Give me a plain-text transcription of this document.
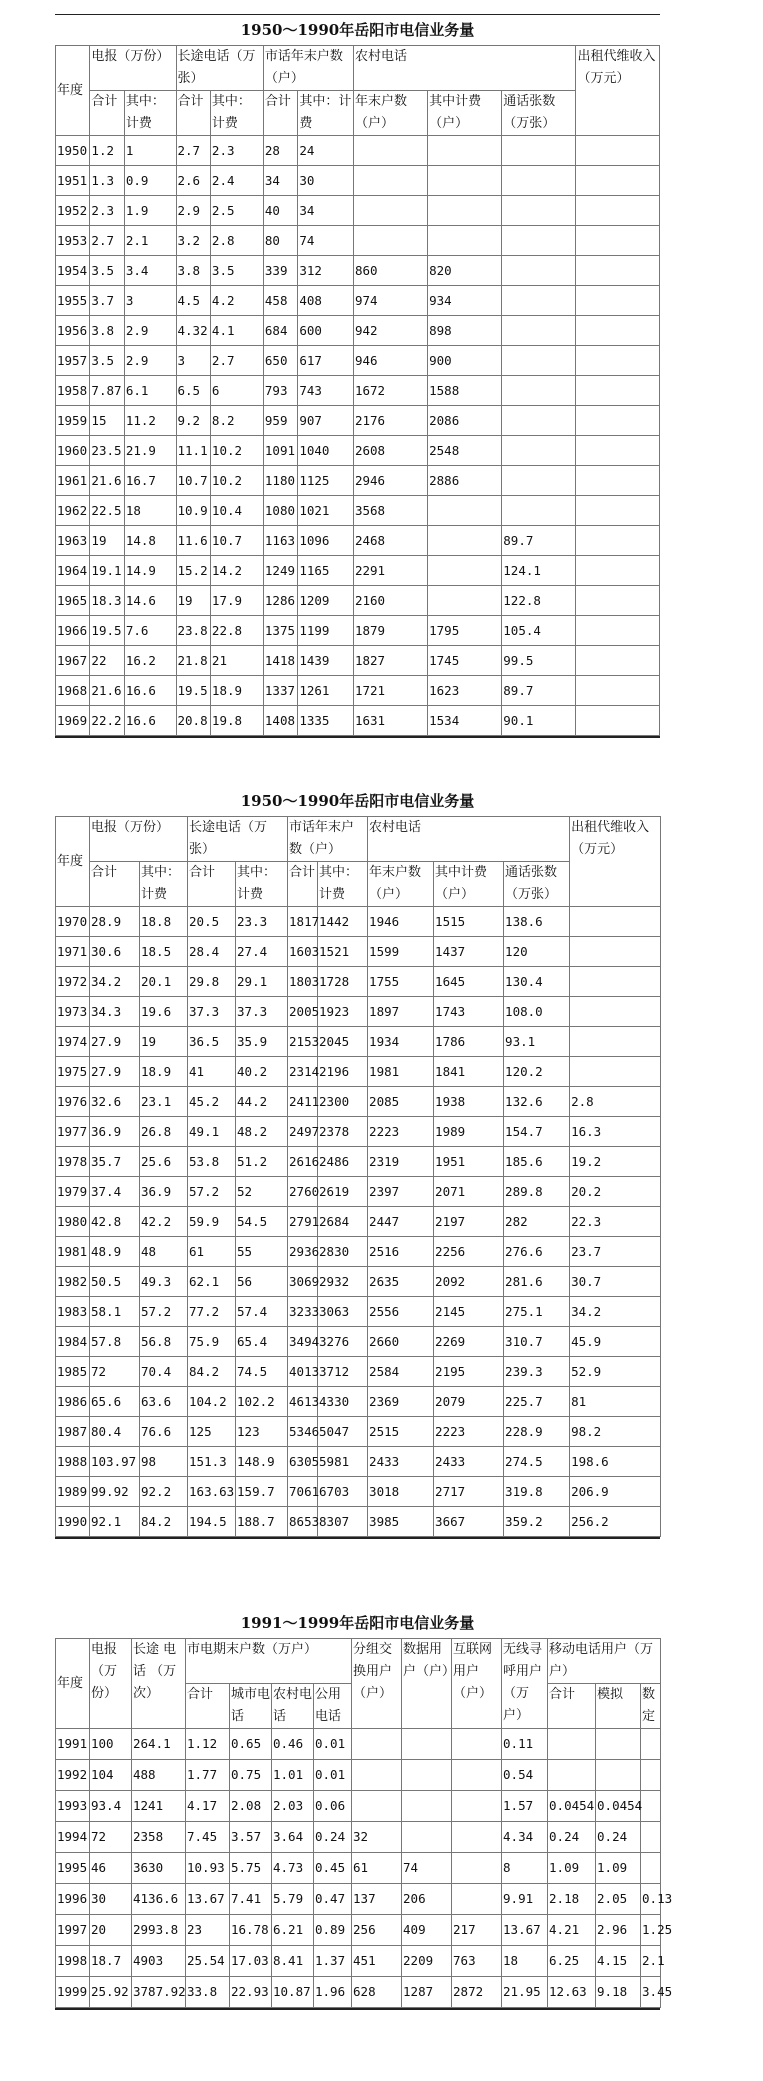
1950～1990年岳阳市电信业务量
年度	电报（万份）		长途电话（万张）		市话年末户数（户）		农村电话			出租代维收入 （万元）
	合计	其中：计费	合计	其中：计费	合计	其中：计费	年末户数（户）	其中计费（户）	通话张数（万张）	
1950	1.2	1	2.7	2.3	28	24				
1951	1.3	0.9	2.6	2.4	34	30				
1952	2.3	1.9	2.9	2.5	40	34				
1953	2.7	2.1	3.2	2.8	80	74				
1954	3.5	3.4	3.8	3.5	339	312	860	820		
1955	3.7	3	4.5	4.2	458	408	974	934		
1956	3.8	2.9	4.32	4.1	684	600	942	898		
1957	3.5	2.9	3	2.7	650	617	946	900		
1958	7.87	6.1	6.5	6	793	743	1672	1588		
1959	15	11.2	9.2	8.2	959	907	2176	2086		
1960	23.5	21.9	11.1	10.2	1091	1040	2608	2548		
1961	21.6	16.7	10.7	10.2	1180	1125	2946	2886		
1962	22.5	18	10.9	10.4	1080	1021	3568			
1963	19	14.8	11.6	10.7	1163	1096	2468		89.7	
1964	19.1	14.9	15.2	14.2	1249	1165	2291		124.1	
1965	18.3	14.6	19	17.9	1286	1209	2160		122.8	
1966	19.5	7.6	23.8	22.8	1375	1199	1879	1795	105.4	
1967	22	16.2	21.8	21	1418	1439	1827	1745	99.5	
1968	21.6	16.6	19.5	18.9	1337	1261	1721	1623	89.7	
1969	22.2	16.6	20.8	19.8	1408	1335	1631	1534	90.1	
1950～1990年岳阳市电信业务量
年度	电报（万份）		长途电话（万张）		市话年末户数（户）		农村电话			出租代维收入 （万元）
	合计	其中：计费	合计	其中：计费	合计	其中：计费	年末户数（户）	其中计费（户）	通话张数（万张）	
1970	28.9	18.8	20.5	23.3	1817	1442	1946	1515	138.6	
1971	30.6	18.5	28.4	27.4	1603	1521	1599	1437	120	
1972	34.2	20.1	29.8	29.1	1803	1728	1755	1645	130.4	
1973	34.3	19.6	37.3	37.3	2005	1923	1897	1743	108.0	
1974	27.9	19	36.5	35.9	2153	2045	1934	1786	93.1	
1975	27.9	18.9	41	40.2	2314	2196	1981	1841	120.2	
1976	32.6	23.1	45.2	44.2	2411	2300	2085	1938	132.6	2.8
1977	36.9	26.8	49.1	48.2	2497	2378	2223	1989	154.7	16.3
1978	35.7	25.6	53.8	51.2	2616	2486	2319	1951	185.6	19.2
1979	37.4	36.9	57.2	52	2760	2619	2397	2071	289.8	20.2
1980	42.8	42.2	59.9	54.5	2791	2684	2447	2197	282	22.3
1981	48.9	48	61	55	2936	2830	2516	2256	276.6	23.7
1982	50.5	49.3	62.1	56	3069	2932	2635	2092	281.6	30.7
1983	58.1	57.2	77.2	57.4	3233	3063	2556	2145	275.1	34.2
1984	57.8	56.8	75.9	65.4	3494	3276	2660	2269	310.7	45.9
1985	72	70.4	84.2	74.5	4013	3712	2584	2195	239.3	52.9
1986	65.6	63.6	104.2	102.2	4613	4330	2369	2079	225.7	81
1987	80.4	76.6	125	123	5346	5047	2515	2223	228.9	98.2
1988	103.97	98	151.3	148.9	6305	5981	2433	2433	274.5	198.6
1989	99.92	92.2	163.63	159.7	7061	6703	3018	2717	319.8	206.9
1990	92.1	84.2	194.5	188.7	8653	8307	3985	3667	359.2	256.2
1991～1999年岳阳市电信业务量
年度	电报 （万份）	长途 电话 （万次）	市电期末户数（万户）				分组交换用户（户）	数据用户（户）	互联网用户（户）	无线寻 呼用户 （万户）	移动电话用户（万户）		
			合计	城市电话	农村电话	公用电话					合计	模拟	数定
1991	100	264.1	1.12	0.65	0.46	0.01				0.11			
1992	104	488	1.77	0.75	1.01	0.01				0.54			
1993	93.4	1241	4.17	2.08	2.03	0.06				1.57	0.0454	0.0454	
1994	72	2358	7.45	3.57	3.64	0.24	32			4.34	0.24	0.24	
1995	46	3630	10.93	5.75	4.73	0.45	61	74		8	1.09	1.09	
1996	30	4136.6	13.67	7.41	5.79	0.47	137	206		9.91	2.18	2.05	0.13
1997	20	2993.8	23	16.78	6.21	0.89	256	409	217	13.67	4.21	2.96	1.25
1998	18.7	4903	25.54	17.03	8.41	1.37	451	2209	763	18	6.25	4.15	2.1
1999	25.92	3787.92	33.8	22.93	10.87	1.96	628	1287	2872	21.95	12.63	9.18	3.45
